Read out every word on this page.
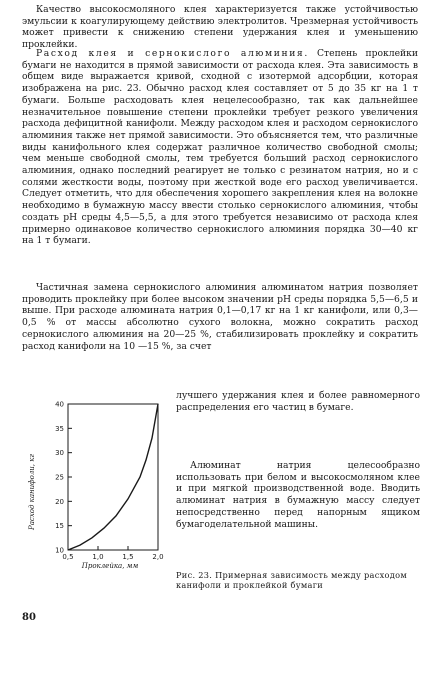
Качество высокосмоляного клея характеризуется также устойчивостью эмульсии к коагулирующему действию электролитов. Чрезмерная устойчивость может привести к снижению степени удержания клея и уменьшению проклейки.

Расход клея и сернокислого алюминия. Степень проклейки бумаги не находится в прямой зависимости от расхода клея. Эта зависимость в общем виде выражается кривой, сходной с изотермой адсорбции, которая изображена на рис. 23. Обычно расход клея составляет от 5 до 35 кг на 1 т бумаги. Больше расходовать клея нецелесообразно, так как дальнейшее незначительное повышение степени проклейки требует резкого увеличения расхода дефицитной канифоли. Между расходом клея и расходом сернокислого алюминия также нет прямой зависимости. Это объясняется тем, что различные виды канифольного клея содержат различное количество свободной смолы; чем меньше свободной смолы, тем требуется больший расход сернокислого алюминия, однако последний реагирует не только с резинатом натрия, но и с солями жесткости воды, поэтому при жесткой воде его расход увеличивается. Следует отметить, что для обеспечения хорошего закрепления клея на волокне необходимо в бумажную массу ввести столько сернокислого алюминия, чтобы создать pH среды 4,5—5,5, а для этого требуется независимо от расхода клея примерно одинаковое количество сернокислого алюминия порядка 30—40 кг на 1 т бумаги.

Частичная замена сернокислого алюминия алюминатом натрия позволяет проводить проклейку при более высоком значении pH среды порядка 5,5—6,5 и выше. При расходе алюмината натрия 0,1—0,17 кг на 1 кг канифоли, или 0,3—0,5 % от массы абсолютно сухого волокна, можно сократить расход сернокислого алюминия на 20—25 %, стабилизировать проклейку и сократить расход канифоли на 10 —15 %, за счет

10
15
20
25
30
35
40
0,5	1,0	1,5	2,0
Расход канифоли, кг
Проклейка, мм

лучшего удержания клея и более равномерного распределения его частиц в бумаге.

Алюминат натрия целесообразно использовать при белом и высокосмоляном клее и при мягкой производственной воде. Вводить алюминат натрия в бумажную массу следует непосредственно перед напорным ящиком бумагоделательной машины.

Рис. 23. Примерная зависимость между расходом канифоли и проклейкой бумаги

80
